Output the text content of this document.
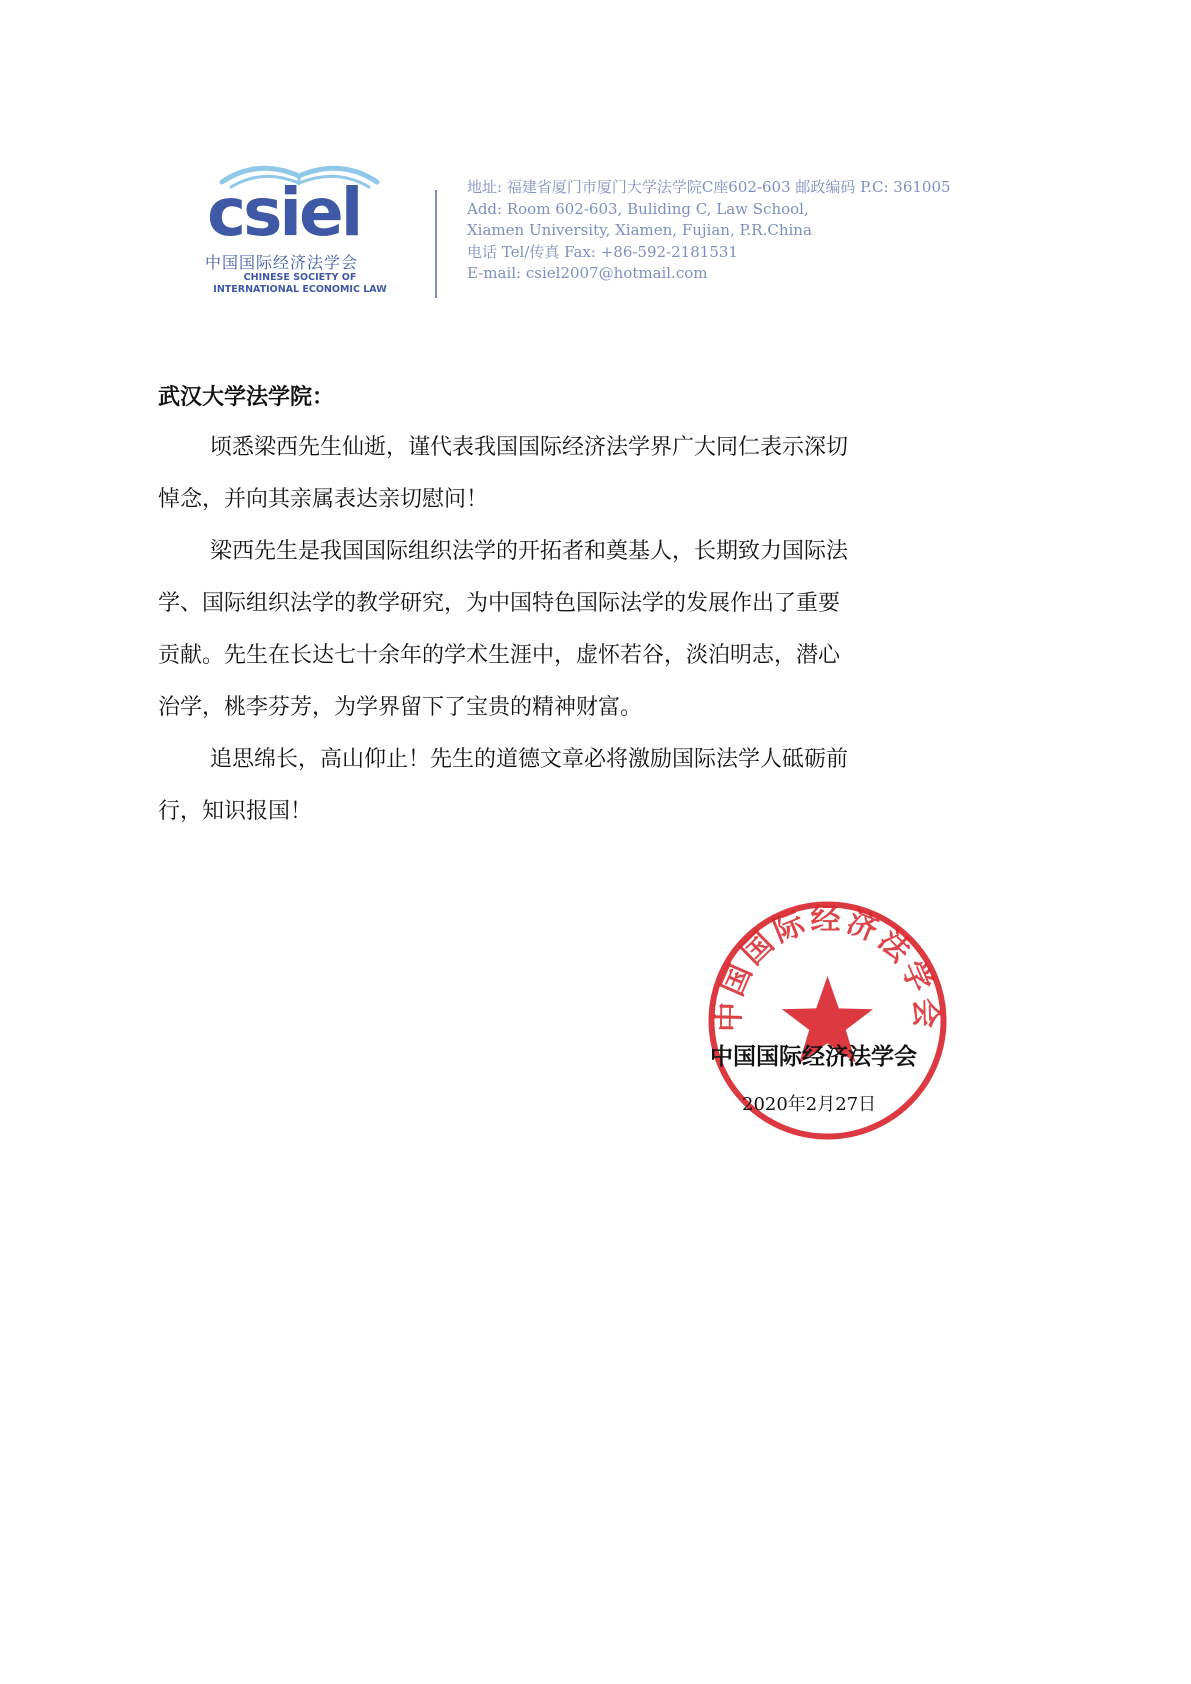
csiel
中国国际经济法学会
CHINESE SOCIETY OF
INTERNATIONAL ECONOMIC LAW
地址: 福建省厦门市厦门大学法学院C座602-603 邮政编码 P.C: 361005
Add: Room 602-603, Buliding C, Law School,
Xiamen University, Xiamen, Fujian, P.R.China
电话 Tel/传真 Fax: +86-592-2181531
E-mail: csiel2007@hotmail.com
武汉大学法学院：
顷悉梁西先生仙逝，谨代表我国国际经济法学界广大同仁表示深切
悼念，并向其亲属表达亲切慰问！
梁西先生是我国国际组织法学的开拓者和奠基人，长期致力国际法
学、国际组织法学的教学研究，为中国特色国际法学的发展作出了重要
贡献。先生在长达七十余年的学术生涯中，虚怀若谷，淡泊明志，潜心
治学，桃李芬芳，为学界留下了宝贵的精神财富。
追思绵长，高山仰止！先生的道德文章必将激励国际法学人砥砺前
行，知识报国！
中国国际经济法学会
中国国际经济法学会
2020年2月27日
